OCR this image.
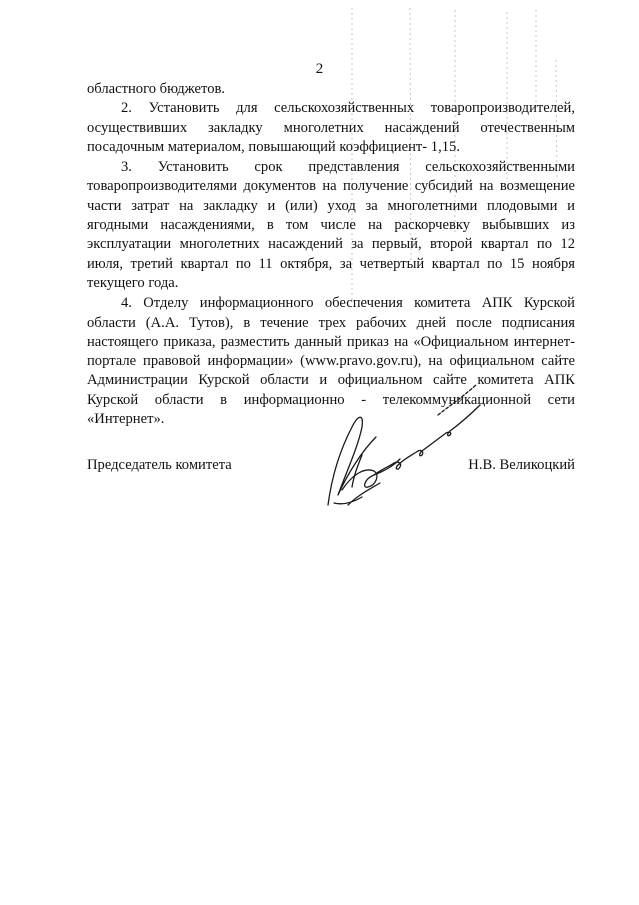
2

областного бюджетов.

2. Установить для сельскохозяйственных товаропроизводителей, осуществивших закладку многолетних насаждений отечественным посадочным материалом, повышающий коэффициент- 1,15.

3. Установить срок представления сельскохозяйственными товаропроизводителями документов на получение субсидий на возмещение части затрат на закладку и (или) уход за многолетними плодовыми и ягодными насаждениями, в том числе на раскорчевку выбывших из эксплуатации многолетних насаждений за первый, второй квартал по 12 июля, третий квартал по 11 октября, за четвертый квартал по 15 ноября текущего года.

4. Отделу информационного обеспечения комитета АПК Курской области (А.А. Тутов), в течение трех рабочих дней после подписания настоящего приказа, разместить данный приказ на «Официальном интернет-портале правовой информации» (www.pravo.gov.ru), на официальном сайте Администрации Курской области и официальном сайте комитета АПК Курской области в информационно - телекоммуникационной сети «Интернет».

Председатель комитета	Н.В. Великоцкий
